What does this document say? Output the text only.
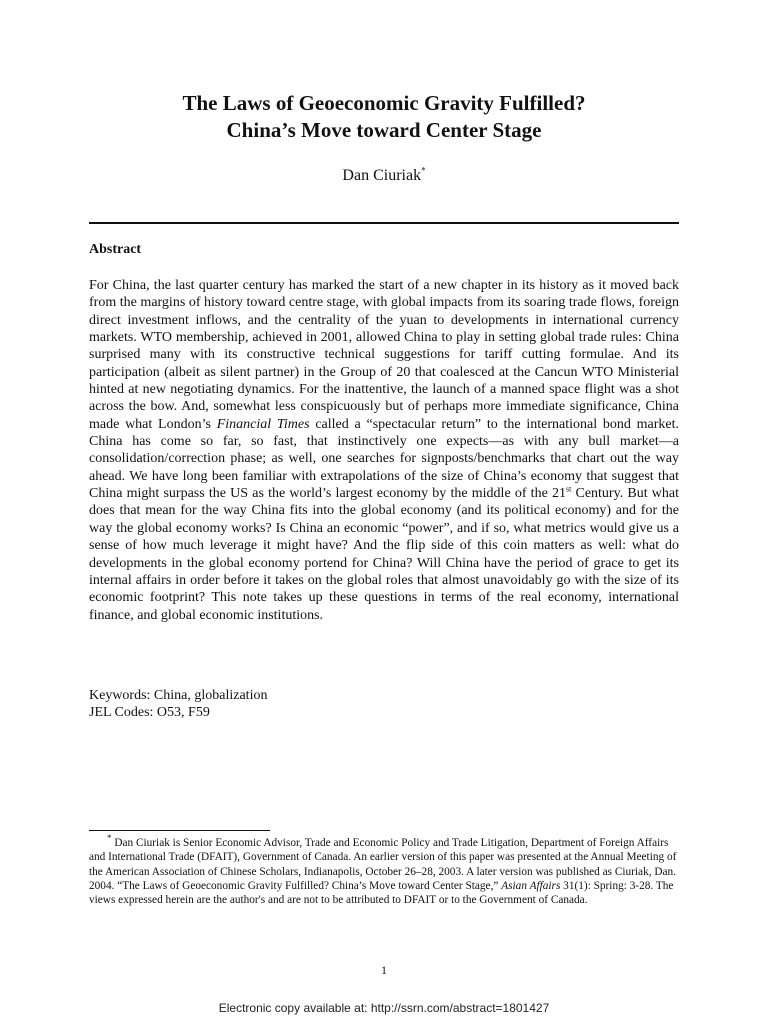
The Laws of Geoeconomic Gravity Fulfilled?
China’s Move toward Center Stage
Dan Ciuriak*
Abstract
For China, the last quarter century has marked the start of a new chapter in its history as it moved back from the margins of history toward centre stage, with global impacts from its soaring trade flows, foreign direct investment inflows, and the centrality of the yuan to developments in international currency markets. WTO membership, achieved in 2001, allowed China to play in setting global trade rules: China surprised many with its constructive technical suggestions for tariff cutting formulae. And its participation (albeit as silent partner) in the Group of 20 that coalesced at the Cancun WTO Ministerial hinted at new negotiating dynamics. For the inattentive, the launch of a manned space flight was a shot across the bow. And, somewhat less conspicuously but of perhaps more immediate significance, China made what London’s Financial Times called a “spectacular return” to the international bond market. China has come so far, so fast, that instinctively one expects—as with any bull market—a consolidation/correction phase; as well, one searches for signposts/benchmarks that chart out the way ahead. We have long been familiar with extrapolations of the size of China’s economy that suggest that China might surpass the US as the world’s largest economy by the middle of the 21st Century. But what does that mean for the way China fits into the global economy (and its political economy) and for the way the global economy works? Is China an economic “power”, and if so, what metrics would give us a sense of how much leverage it might have? And the flip side of this coin matters as well: what do developments in the global economy portend for China? Will China have the period of grace to get its internal affairs in order before it takes on the global roles that almost unavoidably go with the size of its economic footprint? This note takes up these questions in terms of the real economy, international finance, and global economic institutions.
Keywords: China, globalization
JEL Codes: O53, F59
* Dan Ciuriak is Senior Economic Advisor, Trade and Economic Policy and Trade Litigation, Department of Foreign Affairs and International Trade (DFAIT), Government of Canada. An earlier version of this paper was presented at the Annual Meeting of the American Association of Chinese Scholars, Indianapolis, October 26–28, 2003. A later version was published as Ciuriak, Dan. 2004. “The Laws of Geoeconomic Gravity Fulfilled? China’s Move toward Center Stage,” Asian Affairs 31(1): Spring: 3-28. The views expressed herein are the author's and are not to be attributed to DFAIT or to the Government of Canada.
1
Electronic copy available at: http://ssrn.com/abstract=1801427
